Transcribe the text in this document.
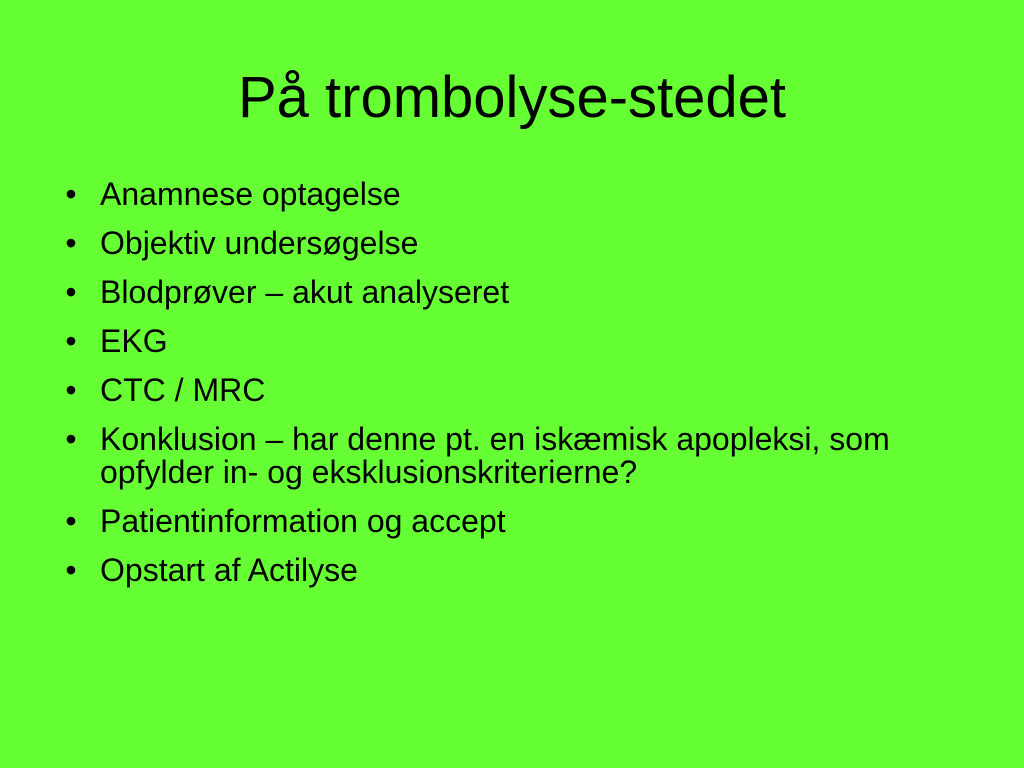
På trombolyse-stedet
• Anamnese optagelse
• Objektiv undersøgelse
• Blodprøver – akut analyseret
• EKG
• CTC / MRC
• Konklusion – har denne pt. en iskæmisk apopleksi, som opfylder in- og eksklusionskriterierne?
• Patientinformation og accept
• Opstart af Actilyse
